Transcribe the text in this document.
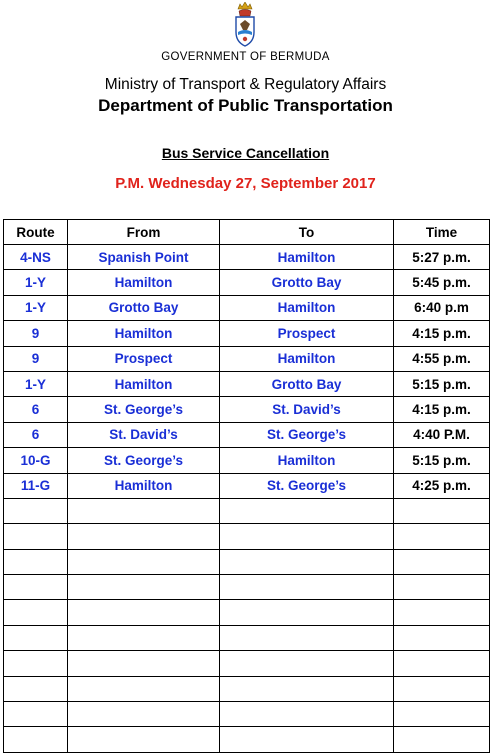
GOVERNMENT OF BERMUDA
Ministry of Transport & Regulatory Affairs
Department of Public Transportation
Bus Service Cancellation
P.M. Wednesday 27, September 2017
Route	From	To	Time
4-NS	Spanish Point	Hamilton	5:27 p.m.
1-Y	Hamilton	Grotto Bay	5:45 p.m.
1-Y	Grotto Bay	Hamilton	6:40 p.m
9	Hamilton	Prospect	4:15 p.m.
9	Prospect	Hamilton	4:55 p.m.
1-Y	Hamilton	Grotto Bay	5:15 p.m.
6	St. George’s	St. David’s	4:15 p.m.
6	St. David’s	St. George’s	4:40 P.M.
10-G	St. George’s	Hamilton	5:15 p.m.
11-G	Hamilton	St. George’s	4:25 p.m.
